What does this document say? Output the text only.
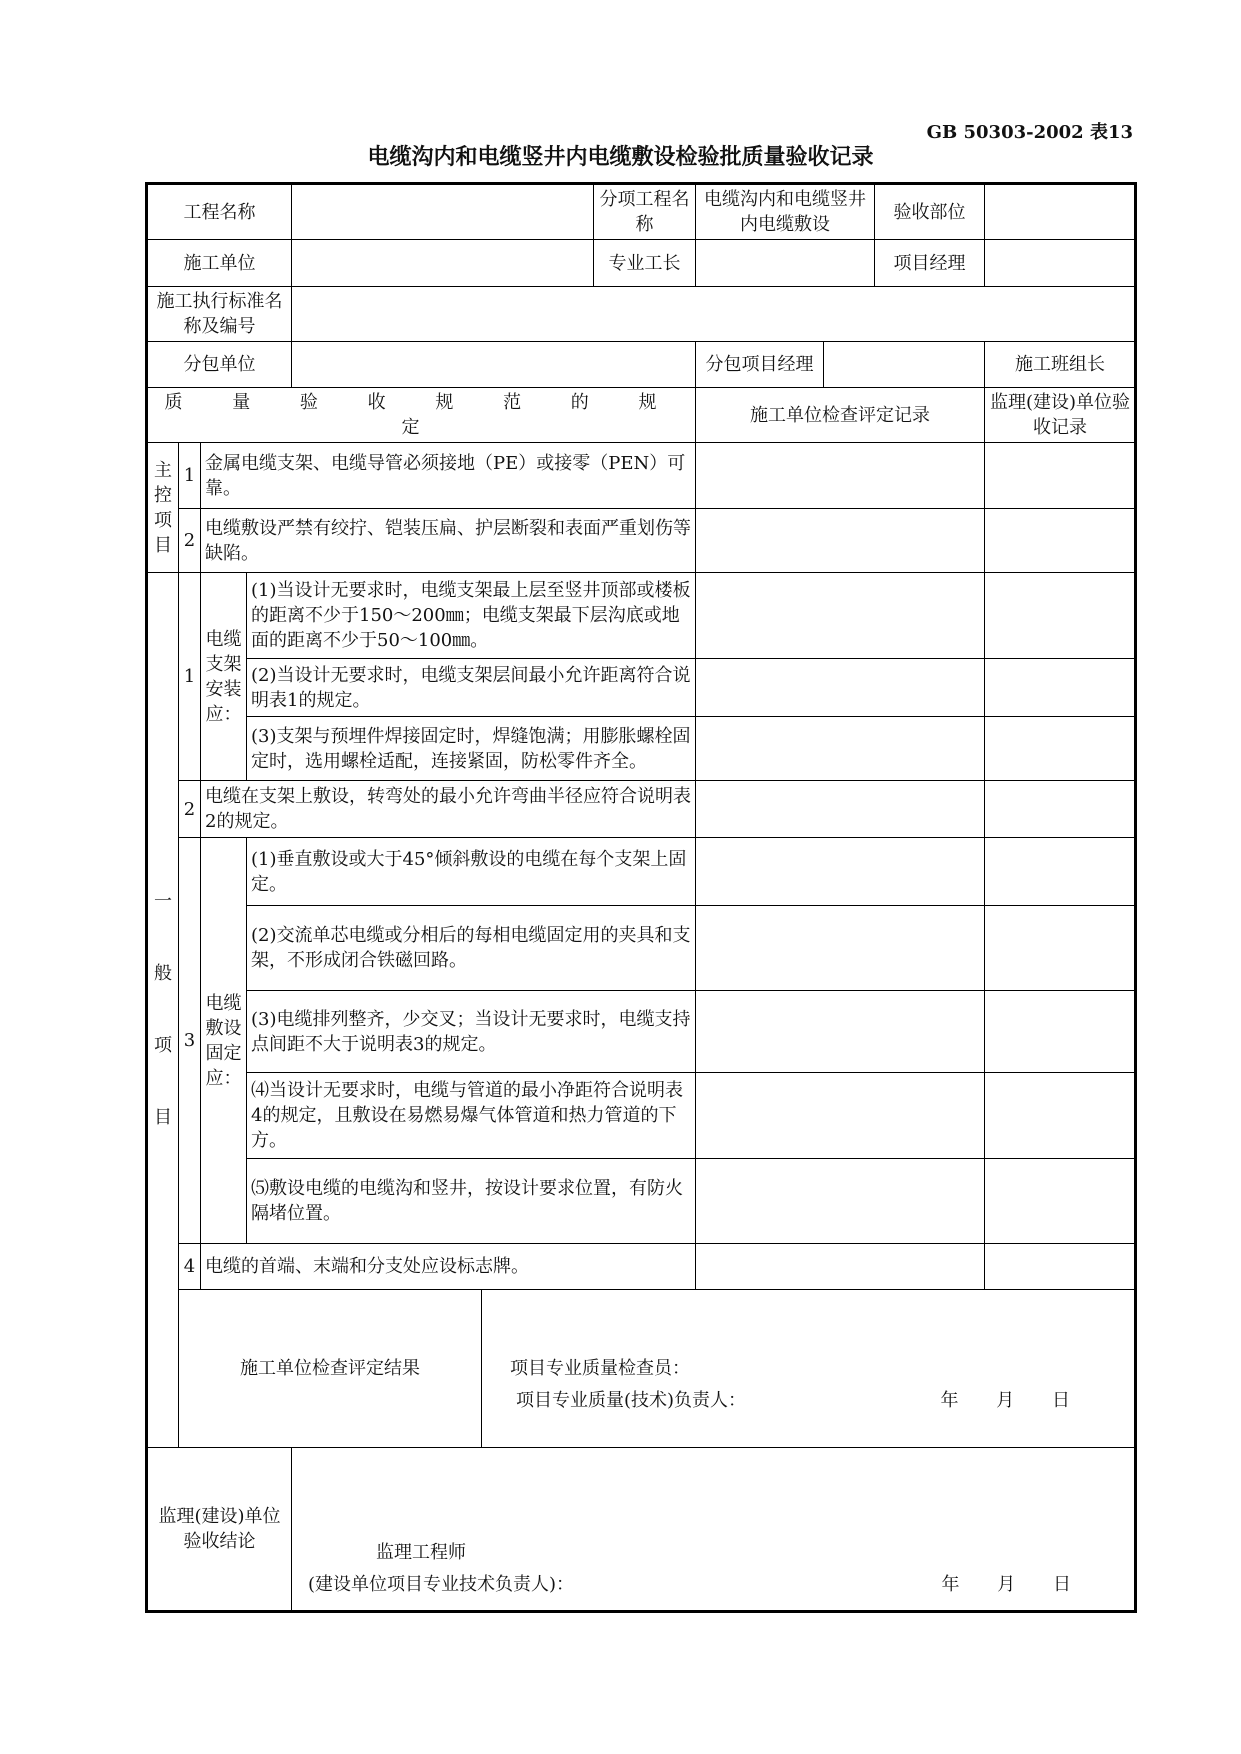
GB 50303-2002 表13
电缆沟内和电缆竖井内电缆敷设检验批质量验收记录
工程名称						分项工程名称	电缆沟内和电缆竖井内电缆敷设		验收部位		
施工单位						专业工长			项目经理		
施工执行标准名称及编号											
分包单位							分包项目经理			施工班组长	
质 量 验 收 规 范 的 规 定							施工单位检查评定记录			监理(建设)单位验收记录	
主控项目	1	金属电缆支架、电缆导管必须接地（PE）或接零（PEN）可靠。									
	2	电缆敷设严禁有绞拧、铠装压扁、护层断裂和表面严重划伤等缺陷。									
一般项目	1	电缆支架安装应：	(1)当设计无要求时，电缆支架最上层至竖井顶部或楼板的距离不少于150～200㎜；电缆支架最下层沟底或地面的距离不少于50～100㎜。								
			(2)当设计无要求时，电缆支架层间最小允许距离符合说明表1的规定。								
			(3)支架与预埋件焊接固定时，焊缝饱满；用膨胀螺栓固定时，选用螺栓适配，连接紧固，防松零件齐全。								
	2	电缆在支架上敷设，转弯处的最小允许弯曲半径应符合说明表2的规定。									
	3	电缆敷设固定应：	(1)垂直敷设或大于45°倾斜敷设的电缆在每个支架上固定。								
			(2)交流单芯电缆或分相后的每相电缆固定用的夹具和支架，不形成闭合铁磁回路。								
			(3)电缆排列整齐，少交叉；当设计无要求时，电缆支持点间距不大于说明表3的规定。								
			⑷当设计无要求时，电缆与管道的最小净距符合说明表4的规定，且敷设在易燃易爆气体管道和热力管道的下方。								
			⑸敷设电缆的电缆沟和竖井，按设计要求位置，有防火隔堵位置。								
	4	电缆的首端、末端和分支处应设标志牌。									
	施工单位检查评定结果				项目专业质量检查员：
项目专业质量(技术)负责人： 年 月 日						

监理(建设)单位验收结论				监理工程师
(建设单位项目专业技术负责人)： 年 月 日							
